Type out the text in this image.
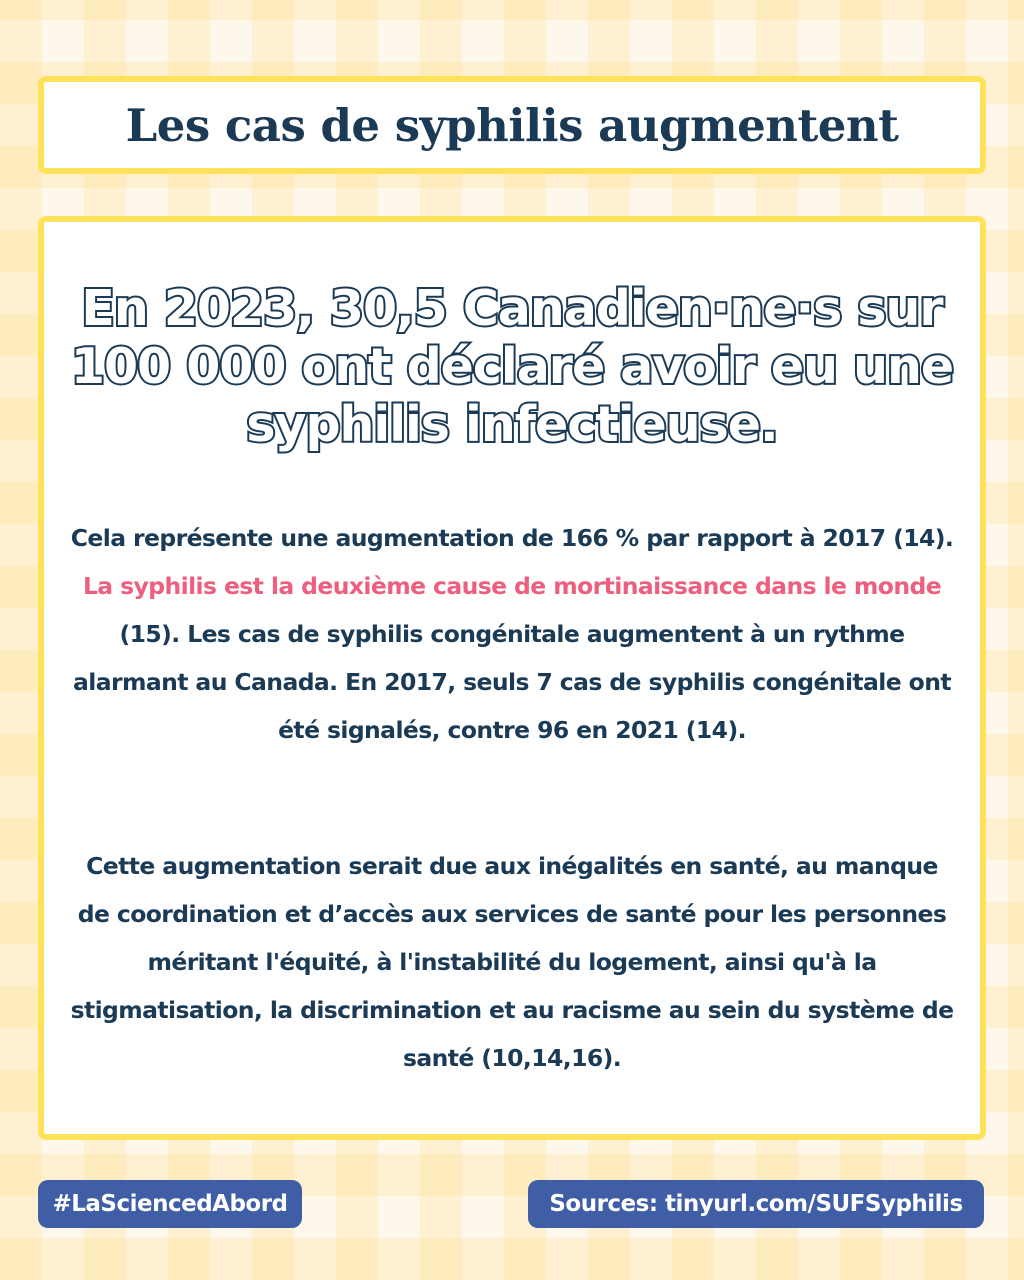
Les cas de syphilis augmentent

En 2023, 30,5 Canadien·ne·s sur 100 000 ont déclaré avoir eu une syphilis infectieuse.

Cela représente une augmentation de 166 % par rapport à 2017 (14). La syphilis est la deuxième cause de mortinaissance dans le monde (15). Les cas de syphilis congénitale augmentent à un rythme alarmant au Canada. En 2017, seuls 7 cas de syphilis congénitale ont été signalés, contre 96 en 2021 (14).

Cette augmentation serait due aux inégalités en santé, au manque de coordination et d’accès aux services de santé pour les personnes méritant l'équité, à l'instabilité du logement, ainsi qu'à la stigmatisation, la discrimination et au racisme au sein du système de santé (10,14,16).

#LaSciencedAbord	Sources: tinyurl.com/SUFSyphilis
